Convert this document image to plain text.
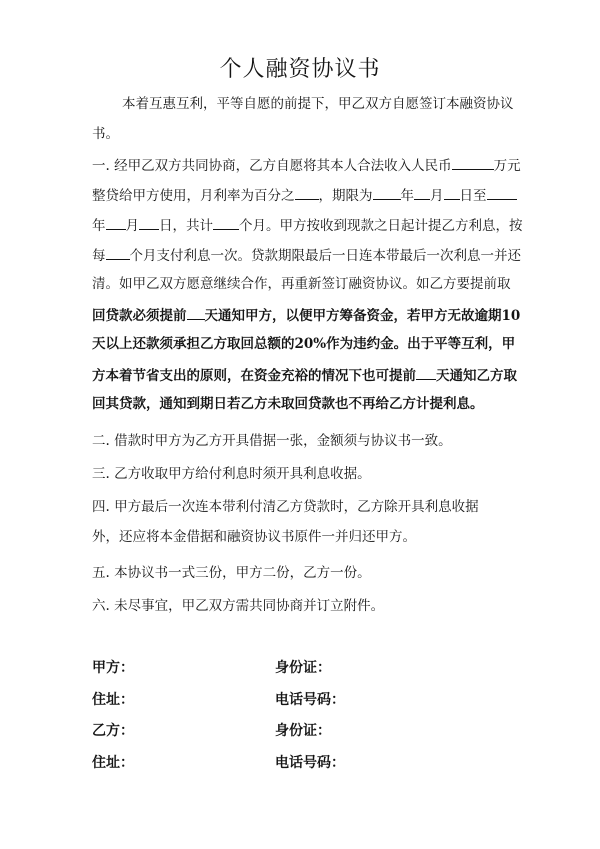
个人融资协议书
本着互惠互利，平等自愿的前提下，甲乙双方自愿签订本融资协议
书。
一. 经甲乙双方共同协商，乙方自愿将其本人合法收入人民币	万元
整贷给甲方使用，月利率为百分之 ，期限为 年 月 日至
年 月 日，共计 个月。甲方按收到现款之日起计提乙方利息，按
每 个月支付利息一次。贷款期限最后一日连本带最后一次利息一并还
清。如甲乙双方愿意继续合作，再重新签订融资协议。如乙方要提前取
回贷款必须提前 天通知甲方，以便甲方筹备资金，若甲方无故逾期10
天以上还款须承担乙方取回总额的20%作为违约金。出于平等互利，甲
方本着节省支出的原则，在资金充裕的情况下也可提前 天通知乙方取
回其贷款，通知到期日若乙方未取回贷款也不再给乙方计提利息。
二. 借款时甲方为乙方开具借据一张，金额须与协议书一致。
三. 乙方收取甲方给付利息时须开具利息收据。
四. 甲方最后一次连本带利付清乙方贷款时，乙方除开具利息收据
外，还应将本金借据和融资协议书原件一并归还甲方。
五. 本协议书一式三份，甲方二份，乙方一份。
六. 未尽事宜，甲乙双方需共同协商并订立附件。
甲方：	身份证：
住址：	电话号码：
乙方：	身份证：
住址：	电话号码：
